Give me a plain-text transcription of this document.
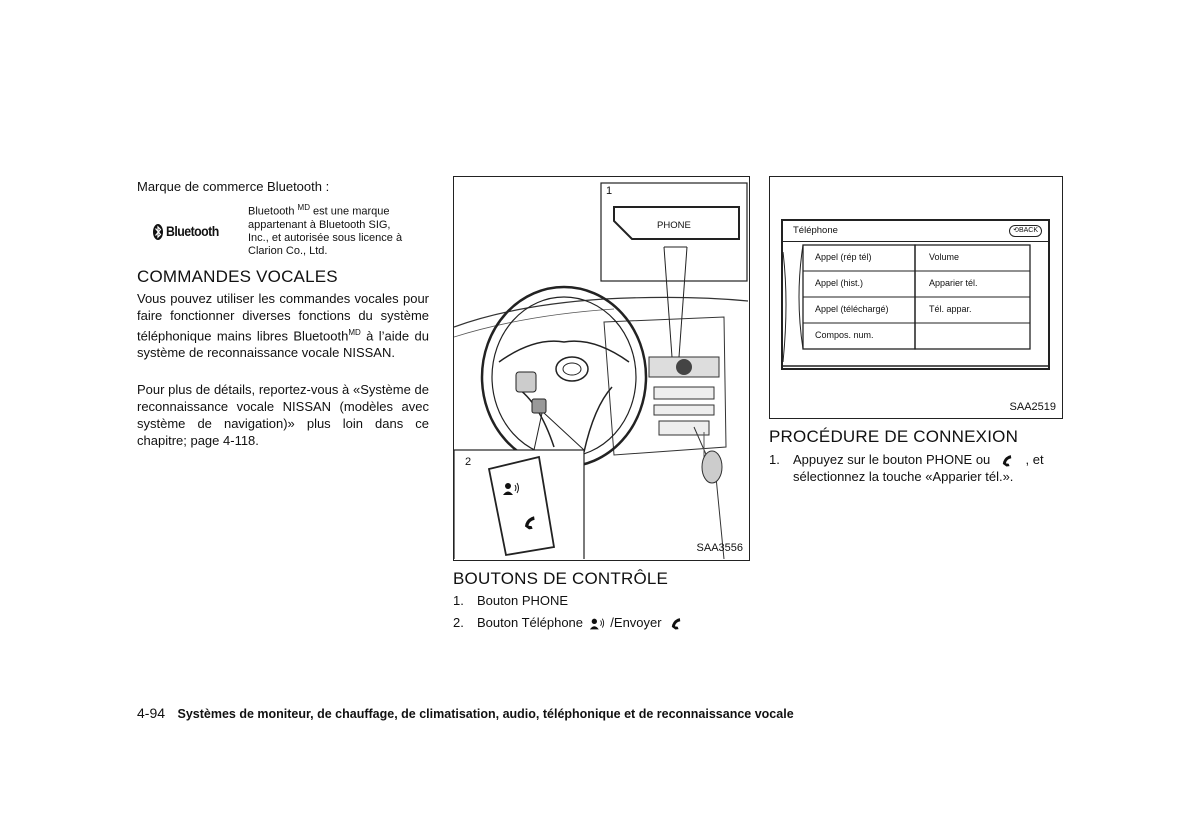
Marque de commerce Bluetooth :
Bluetooth
Bluetooth $^{MD}$ est une marque
appartenant à Bluetooth SIG,
Inc., et autorisée sous licence à
Clarion Co., Ltd.
COMMANDES VOCALES
Vous pouvez utiliser les commandes vocales pour faire fonctionner diverses fonctions du système téléphonique mains libres Bluetooth$^{MD}$ à l’aide du système de reconnaissance vocale NISSAN.
Pour plus de détails, reportez-vous à «Système de reconnaissance vocale NISSAN (modèles avec système de navigation)» plus loin dans ce chapitre; page 4-118.
1
PHONE
2
SAA3556
BOUTONS DE CONTRÔLE
1. Bouton PHONE
2. Bouton Téléphone /Envoyer
Téléphone	⟲BACK
Appel (rép tél)
Appel (hist.)
Appel (téléchargé)
Compos. num.
Volume
Apparier tél.
Tél. appar.
SAA2519
PROCÉDURE DE CONNEXION
1. Appuyez sur le bouton PHONE ou	, et
sélectionnez la touche «Apparier tél.».
4-94 Systèmes de moniteur, de chauffage, de climatisation, audio, téléphonique et de reconnaissance vocale
